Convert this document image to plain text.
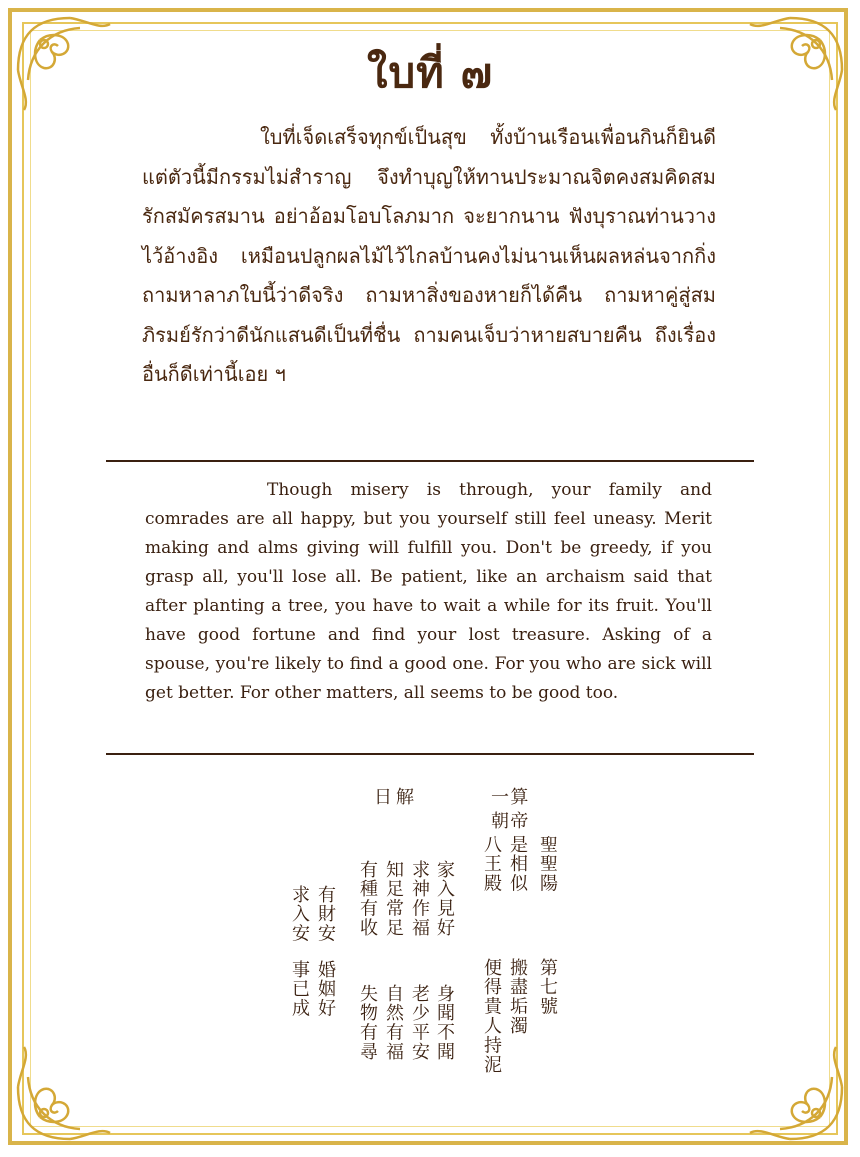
ใบที่ ๗
ใบที่เจ็ดเสร็จทุกข์เป็นสุข ทั้งบ้านเรือนเพื่อนกินก็ยินดี แต่ตัวนี้มีกรรมไม่สำราญ จึงทำบุญให้ทานประมาณจิตคงสมคิดสมรักสมัครสมาน อย่าอ้อมโอบโลภมาก จะยากนาน ฟังบุราณท่านวางไว้อ้างอิง เหมือนปลูกผลไม้ไว้ไกลบ้านคงไม่นานเห็นผลหล่นจากกิ่ง ถามหาลาภใบนี้ว่าดีจริง ถามหาสิ่งของหายก็ได้คืน ถามหาคู่สู่สมภิรมย์รักว่าดีนักแสนดีเป็นที่ชื่น ถามคนเจ็บว่าหายสบายคืน ถึงเรื่องอื่นก็ดีเท่านี้เอย ฯ
Though misery is through, your family and comrades are all happy, but you yourself still feel uneasy. Merit making and alms giving will fulfill you. Don't be greedy, if you grasp all, you'll lose all. Be patient, like an archaism said that after planting a tree, you have to wait a while for its fruit. You'll have good fortune and find your lost treasure. Asking of a spouse, you're likely to find a good one. For you who are sick will get better. For other matters, all seems to be good too.
第七號
聖聖陽
八王殿 是相似
搬盡垢濁
便得貴人持泥
一算朝帝
身聞不聞
老少平安
自然有福
失物有尋
家入見好
求神作福
知足常足
有種有收
日解
婚姻好
事已成
有財安
求入安
